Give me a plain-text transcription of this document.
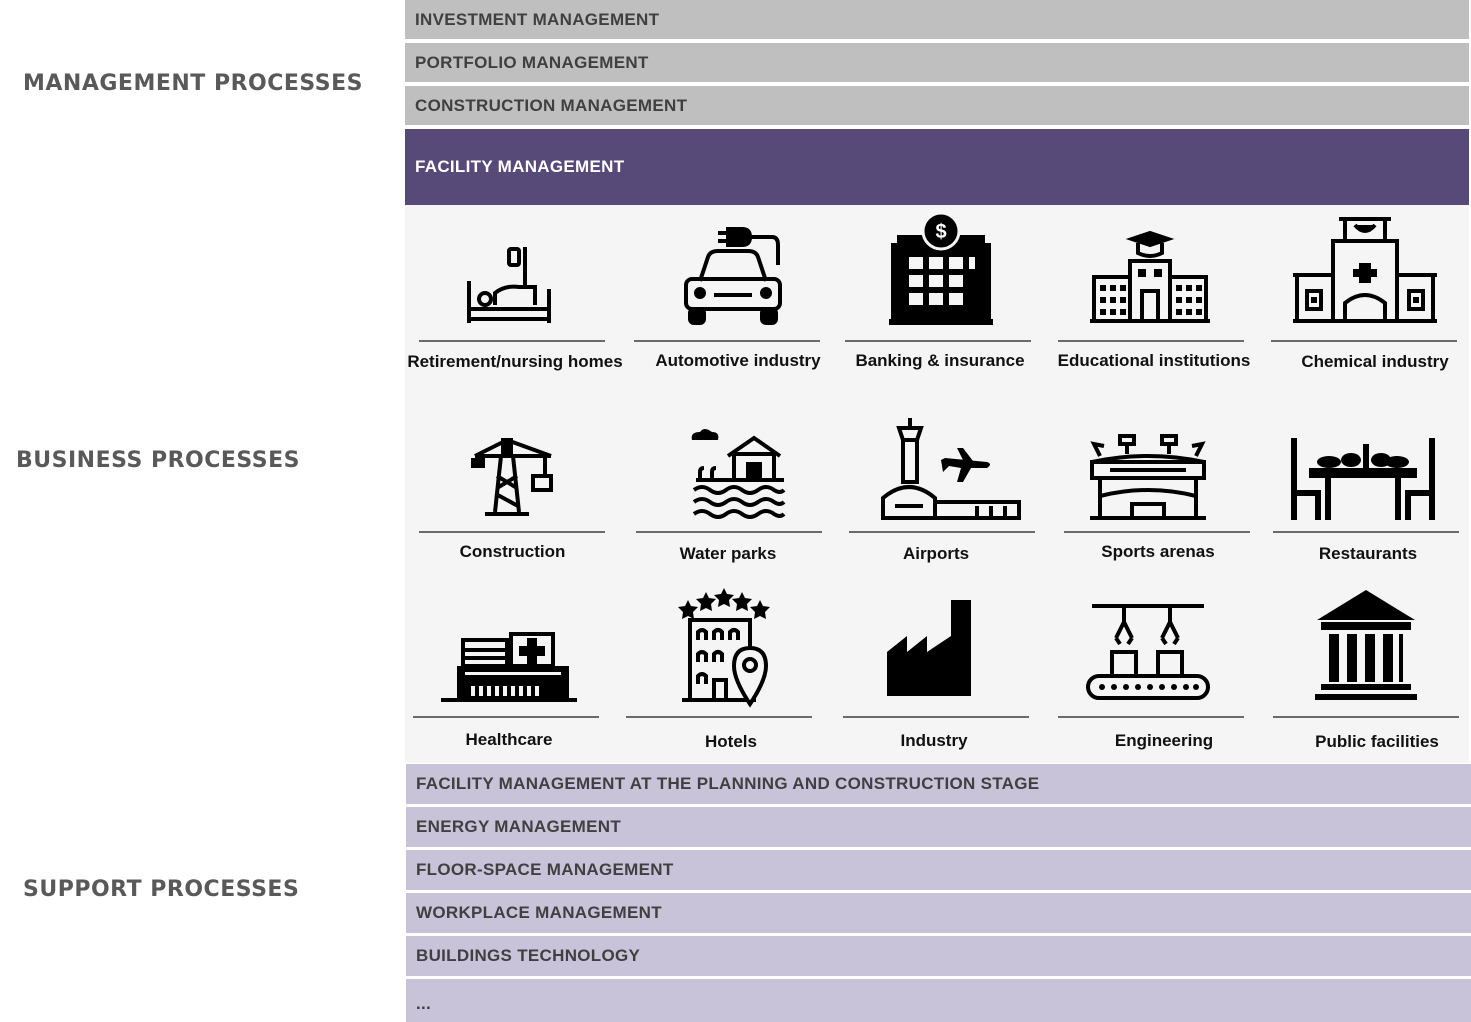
MANAGEMENT PROCESSES
BUSINESS PROCESSES
SUPPORT PROCESSES
INVESTMENT MANAGEMENT
PORTFOLIO MANAGEMENT
CONSTRUCTION MANAGEMENT
FACILITY MANAGEMENT
Retirement/nursing homes	Automotive industry
$
Banking & insurance	Educational institutions	Chemical industry
Construction	Water parks	Airports	Sports arenas	Restaurants
Healthcare	Hotels	Industry	Engineering	Public facilities
FACILITY MANAGEMENT AT THE PLANNING AND CONSTRUCTION STAGE
ENERGY MANAGEMENT
FLOOR-SPACE MANAGEMENT
WORKPLACE MANAGEMENT
BUILDINGS TECHNOLOGY
...
